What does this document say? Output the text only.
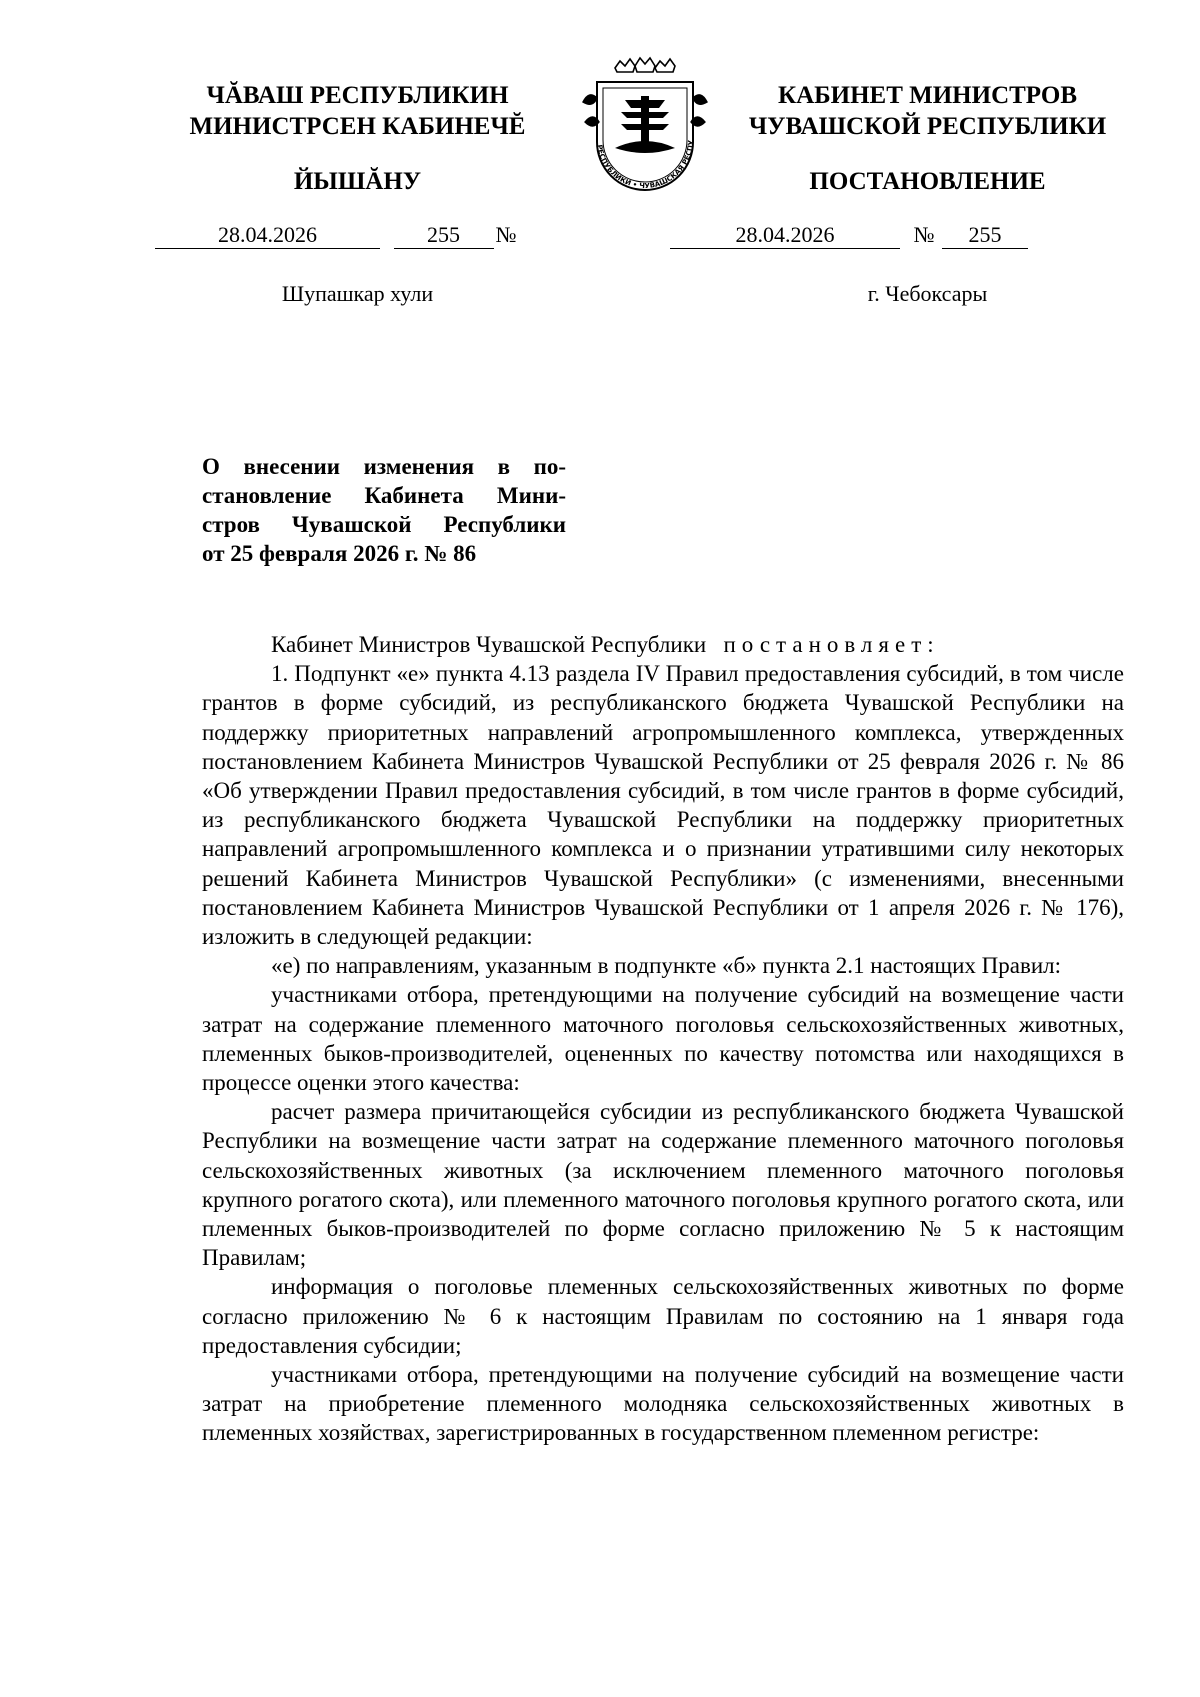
ЧĂВАШ РЕСПУБЛИКИН
МИНИСТРСЕН КАБИНЕЧĔ
ЙЫШĂНУ
КАБИНЕТ МИНИСТРОВ
ЧУВАШСКОЙ РЕСПУБЛИКИ
ПОСТАНОВЛЕНИЕ
РЕСПУБЛИКИ • ЧУВАШСКАЯ РЕСПУ
28.04.2026	255 №	28.04.2026	№ 255
Шупашкар хули	г. Чебоксары
О внесении изменения в по-
становление Кабинета Мини-
стров Чувашской Республики
от 25 февраля 2026 г. № 86

Кабинет Министров Чувашской Республики постановляет:

1. Подпункт «е» пункта 4.13 раздела IV Правил предоставления субсидий, в том числе грантов в форме субсидий, из республиканского бюджета Чувашской Республики на поддержку приоритетных направлений агропромышленного комплекса, утвержденных постановлением Кабинета Министров Чувашской Республики от 25 февраля 2026 г. № 86 «Об утверждении Правил предоставления субсидий, в том числе грантов в форме субсидий, из республиканского бюджета Чувашской Республики на поддержку приоритетных направлений агропромышленного комплекса и о признании утратившими силу некоторых решений Кабинета Министров Чувашской Республики» (с изменениями, внесенными постановлением Кабинета Министров Чувашской Республики от 1 апреля 2026 г. № 176), изложить в следующей редакции:

«е) по направлениям, указанным в подпункте «б» пункта 2.1 настоящих Правил:

участниками отбора, претендующими на получение субсидий на возмещение части затрат на содержание племенного маточного поголовья сельскохозяйственных животных, племенных быков-производителей, оцененных по качеству потомства или находящихся в процессе оценки этого качества:

расчет размера причитающейся субсидии из республиканского бюджета Чувашской Республики на возмещение части затрат на содержание племенного маточного поголовья сельскохозяйственных животных (за исключением племенного маточного поголовья крупного рогатого скота), или племенного маточного поголовья крупного рогатого скота, или племенных быков-производителей по форме согласно приложению № 5 к настоящим Правилам;

информация о поголовье племенных сельскохозяйственных животных по форме согласно приложению № 6 к настоящим Правилам по состоянию на 1 января года предоставления субсидии;

участниками отбора, претендующими на получение субсидий на возмещение части затрат на приобретение племенного молодняка сельскохозяйственных животных в племенных хозяйствах, зарегистрированных в государственном племенном регистре:
